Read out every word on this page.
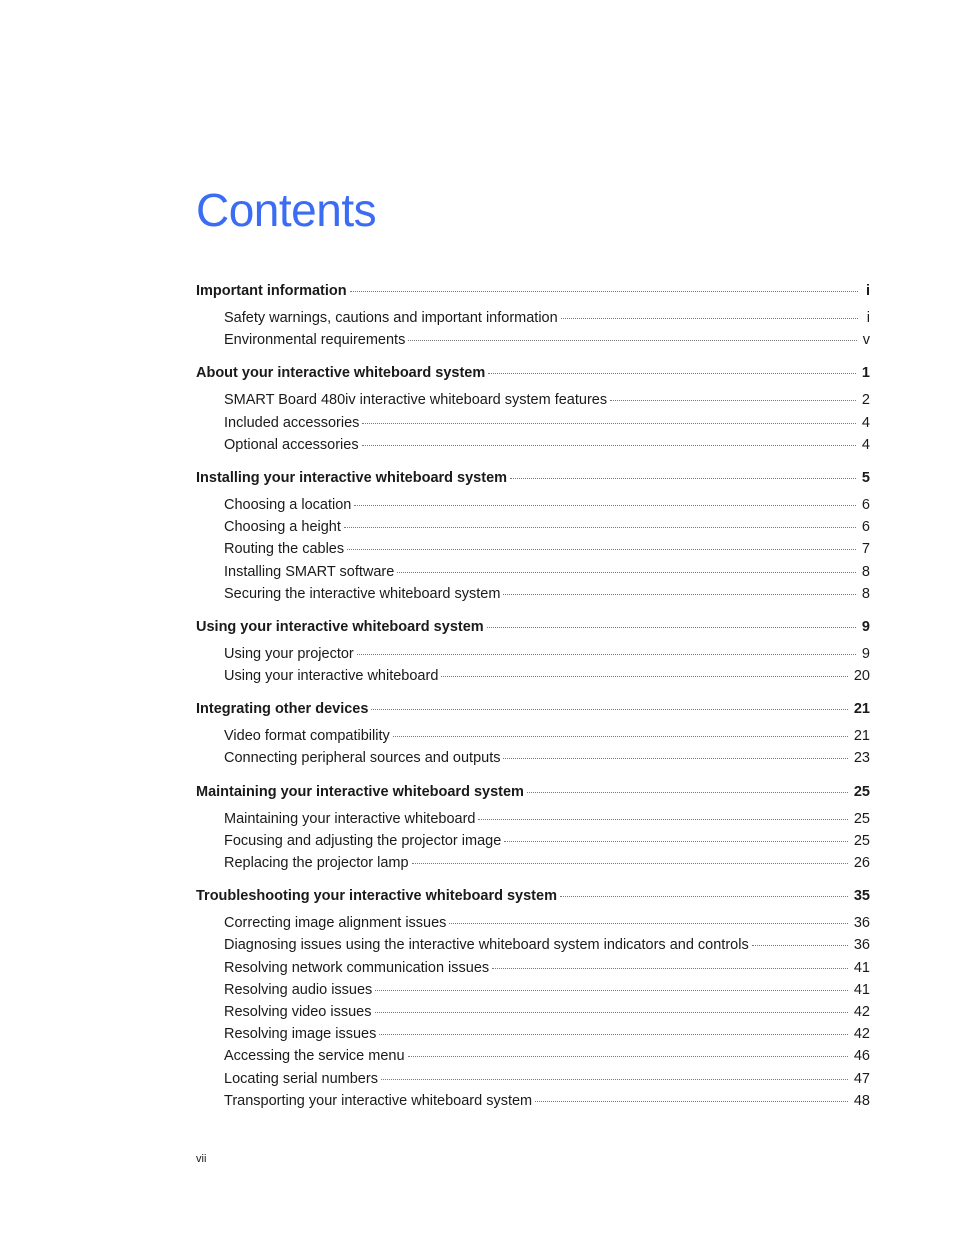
Contents
Important information	i
Safety warnings, cautions and important information	i
Environmental requirements	v
About your interactive whiteboard system	1
SMART Board 480iv interactive whiteboard system features	2
Included accessories	4
Optional accessories	4
Installing your interactive whiteboard system	5
Choosing a location	6
Choosing a height	6
Routing the cables	7
Installing SMART software	8
Securing the interactive whiteboard system	8
Using your interactive whiteboard system	9
Using your projector	9
Using your interactive whiteboard	20
Integrating other devices	21
Video format compatibility	21
Connecting peripheral sources and outputs	23
Maintaining your interactive whiteboard system	25
Maintaining your interactive whiteboard	25
Focusing and adjusting the projector image	25
Replacing the projector lamp	26
Troubleshooting your interactive whiteboard system	35
Correcting image alignment issues	36
Diagnosing issues using the interactive whiteboard system indicators and controls	36
Resolving network communication issues	41
Resolving audio issues	41
Resolving video issues	42
Resolving image issues	42
Accessing the service menu	46
Locating serial numbers	47
Transporting your interactive whiteboard system	48
vii
